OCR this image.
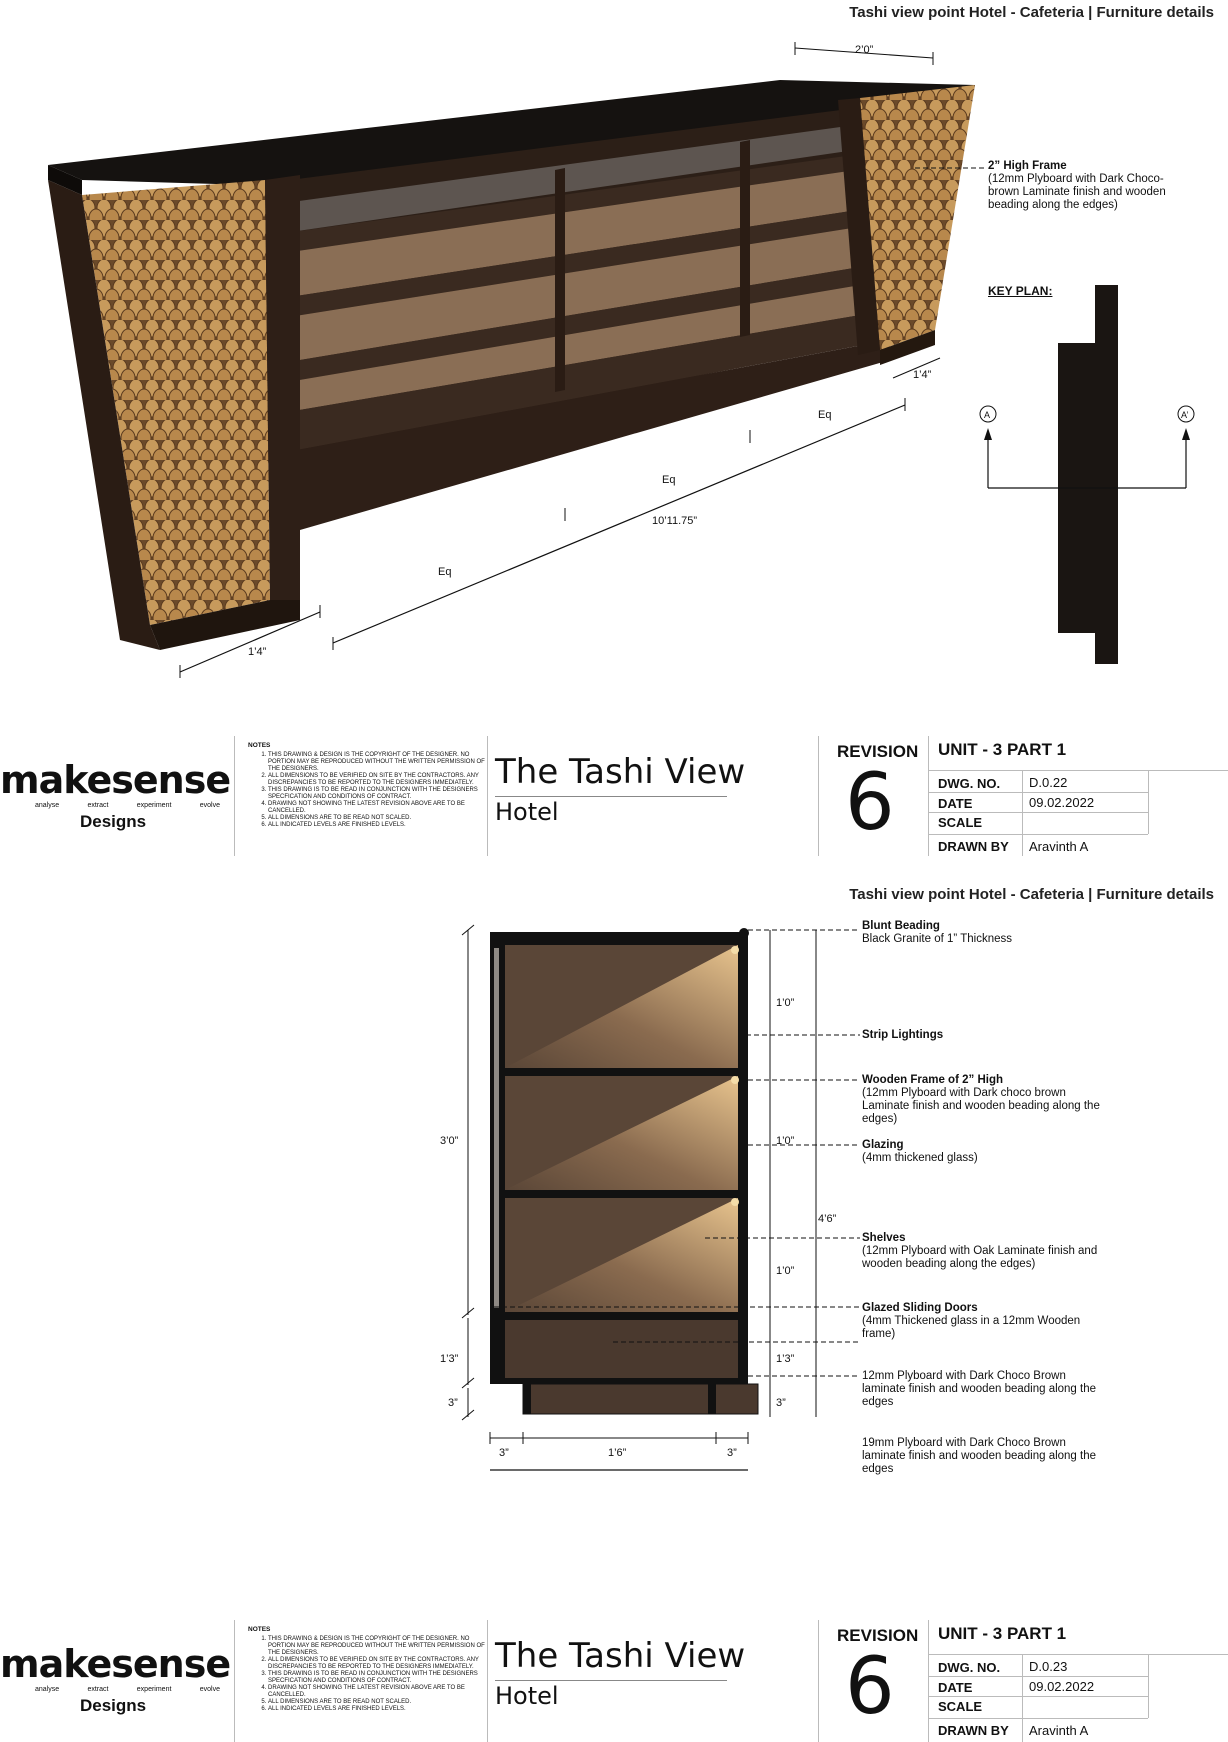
Tashi view point Hotel - Cafeteria | Furniture details
2’0”
1’4”
Eq
Eq
Eq
10’11.75”
1’4”
A	A’
2” High Frame
(12mm Plyboard with Dark Choco-brown Laminate finish and wooden beading along the edges)
KEY PLAN:
makesense
analyse	extract	experiment	evolve
Designs
NOTES
1. THIS DRAWING & DESIGN IS THE COPYRIGHT OF THE DESIGNER. NO PORTION MAY BE REPRODUCED WITHOUT THE WRITTEN PERMISSION OF THE DESIGNERS.
2. ALL DIMENSIONS TO BE VERIFIED ON SITE BY THE CONTRACTORS. ANY DISCREPANCIES TO BE REPORTED TO THE DESIGNERS IMMEDIATELY.
3. THIS DRAWING IS TO BE READ IN CONJUNCTION WITH THE DESIGNERS SPECFICATION AND CONDITIONS OF CONTRACT.
4. DRAWING NOT SHOWING THE LATEST REVISION ABOVE ARE TO BE CANCELLED.
5. ALL DIMENSIONS ARE TO BE READ NOT SCALED.
6. ALL INDICATED LEVELS ARE FINISHED LEVELS.
The Tashi View
Hotel
REVISION
6
UNIT - 3 PART 1
DWG. NO. D.0.22
DATE	09.02.2022
SCALE
DRAWN BY Aravinth A
Tashi view point Hotel - Cafeteria | Furniture details
3’0”
1’3”
3”
1’0”
1’0”
1’0”
1’3”
3”
4’6”
3”	1’6”	3”
Blunt Beading
Black Granite of 1” Thickness
Strip Lightings
Wooden Frame of 2” High
(12mm Plyboard with Dark choco brown Laminate finish and wooden beading along the edges)
Glazing
(4mm thickened glass)
Shelves
(12mm Plyboard with Oak Laminate finish and wooden beading along the edges)
Glazed Sliding Doors
(4mm Thickened glass in a 12mm Wooden frame)
12mm Plyboard with Dark Choco Brown laminate finish and wooden beading along the edges
19mm Plyboard with Dark Choco Brown laminate finish and wooden beading along the edges
makesense
analyse	extract	experiment	evolve
Designs
NOTES
1. THIS DRAWING & DESIGN IS THE COPYRIGHT OF THE DESIGNER. NO PORTION MAY BE REPRODUCED WITHOUT THE WRITTEN PERMISSION OF THE DESIGNERS.
2. ALL DIMENSIONS TO BE VERIFIED ON SITE BY THE CONTRACTORS. ANY DISCREPANCIES TO BE REPORTED TO THE DESIGNERS IMMEDIATELY.
3. THIS DRAWING IS TO BE READ IN CONJUNCTION WITH THE DESIGNERS SPECFICATION AND CONDITIONS OF CONTRACT.
4. DRAWING NOT SHOWING THE LATEST REVISION ABOVE ARE TO BE CANCELLED.
5. ALL DIMENSIONS ARE TO BE READ NOT SCALED.
6. ALL INDICATED LEVELS ARE FINISHED LEVELS.
The Tashi View
Hotel
REVISION
6
UNIT - 3 PART 1
DWG. NO. D.0.23
DATE	09.02.2022
SCALE
DRAWN BY Aravinth A
